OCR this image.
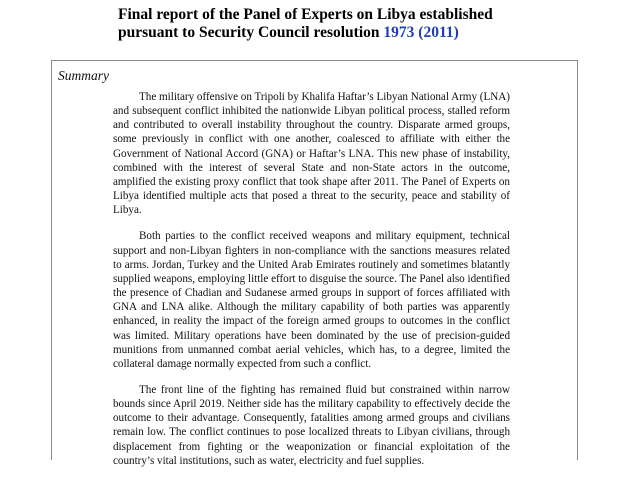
Final report of the Panel of Experts on Libya established pursuant to Security Council resolution 1973 (2011)
Summary

The military offensive on Tripoli by Khalifa Haftar’s Libyan National Army (LNA) and subsequent conflict inhibited the nationwide Libyan political process, stalled reform and contributed to overall instability throughout the country. Disparate armed groups, some previously in conflict with one another, coalesced to affiliate with either the Government of National Accord (GNA) or Haftar’s LNA. This new phase of instability, combined with the interest of several State and non-State actors in the outcome, amplified the existing proxy conflict that took shape after 2011. The Panel of Experts on Libya identified multiple acts that posed a threat to the security, peace and stability of Libya.

Both parties to the conflict received weapons and military equipment, technical support and non-Libyan fighters in non-compliance with the sanctions measures related to arms. Jordan, Turkey and the United Arab Emirates routinely and sometimes blatantly supplied weapons, employing little effort to disguise the source. The Panel also identified the presence of Chadian and Sudanese armed groups in support of forces affiliated with GNA and LNA alike. Although the military capability of both parties was apparently enhanced, in reality the impact of the foreign armed groups to outcomes in the conflict was limited. Military operations have been dominated by the use of precision-guided munitions from unmanned combat aerial vehicles, which has, to a degree, limited the collateral damage normally expected from such a conflict.

The front line of the fighting has remained fluid but constrained within narrow bounds since April 2019. Neither side has the military capability to effectively decide the outcome to their advantage. Consequently, fatalities among armed groups and civilians remain low. The conflict continues to pose localized threats to Libyan civilians, through displacement from fighting or the weaponization or financial exploitation of the country’s vital institutions, such as water, electricity and fuel supplies.
